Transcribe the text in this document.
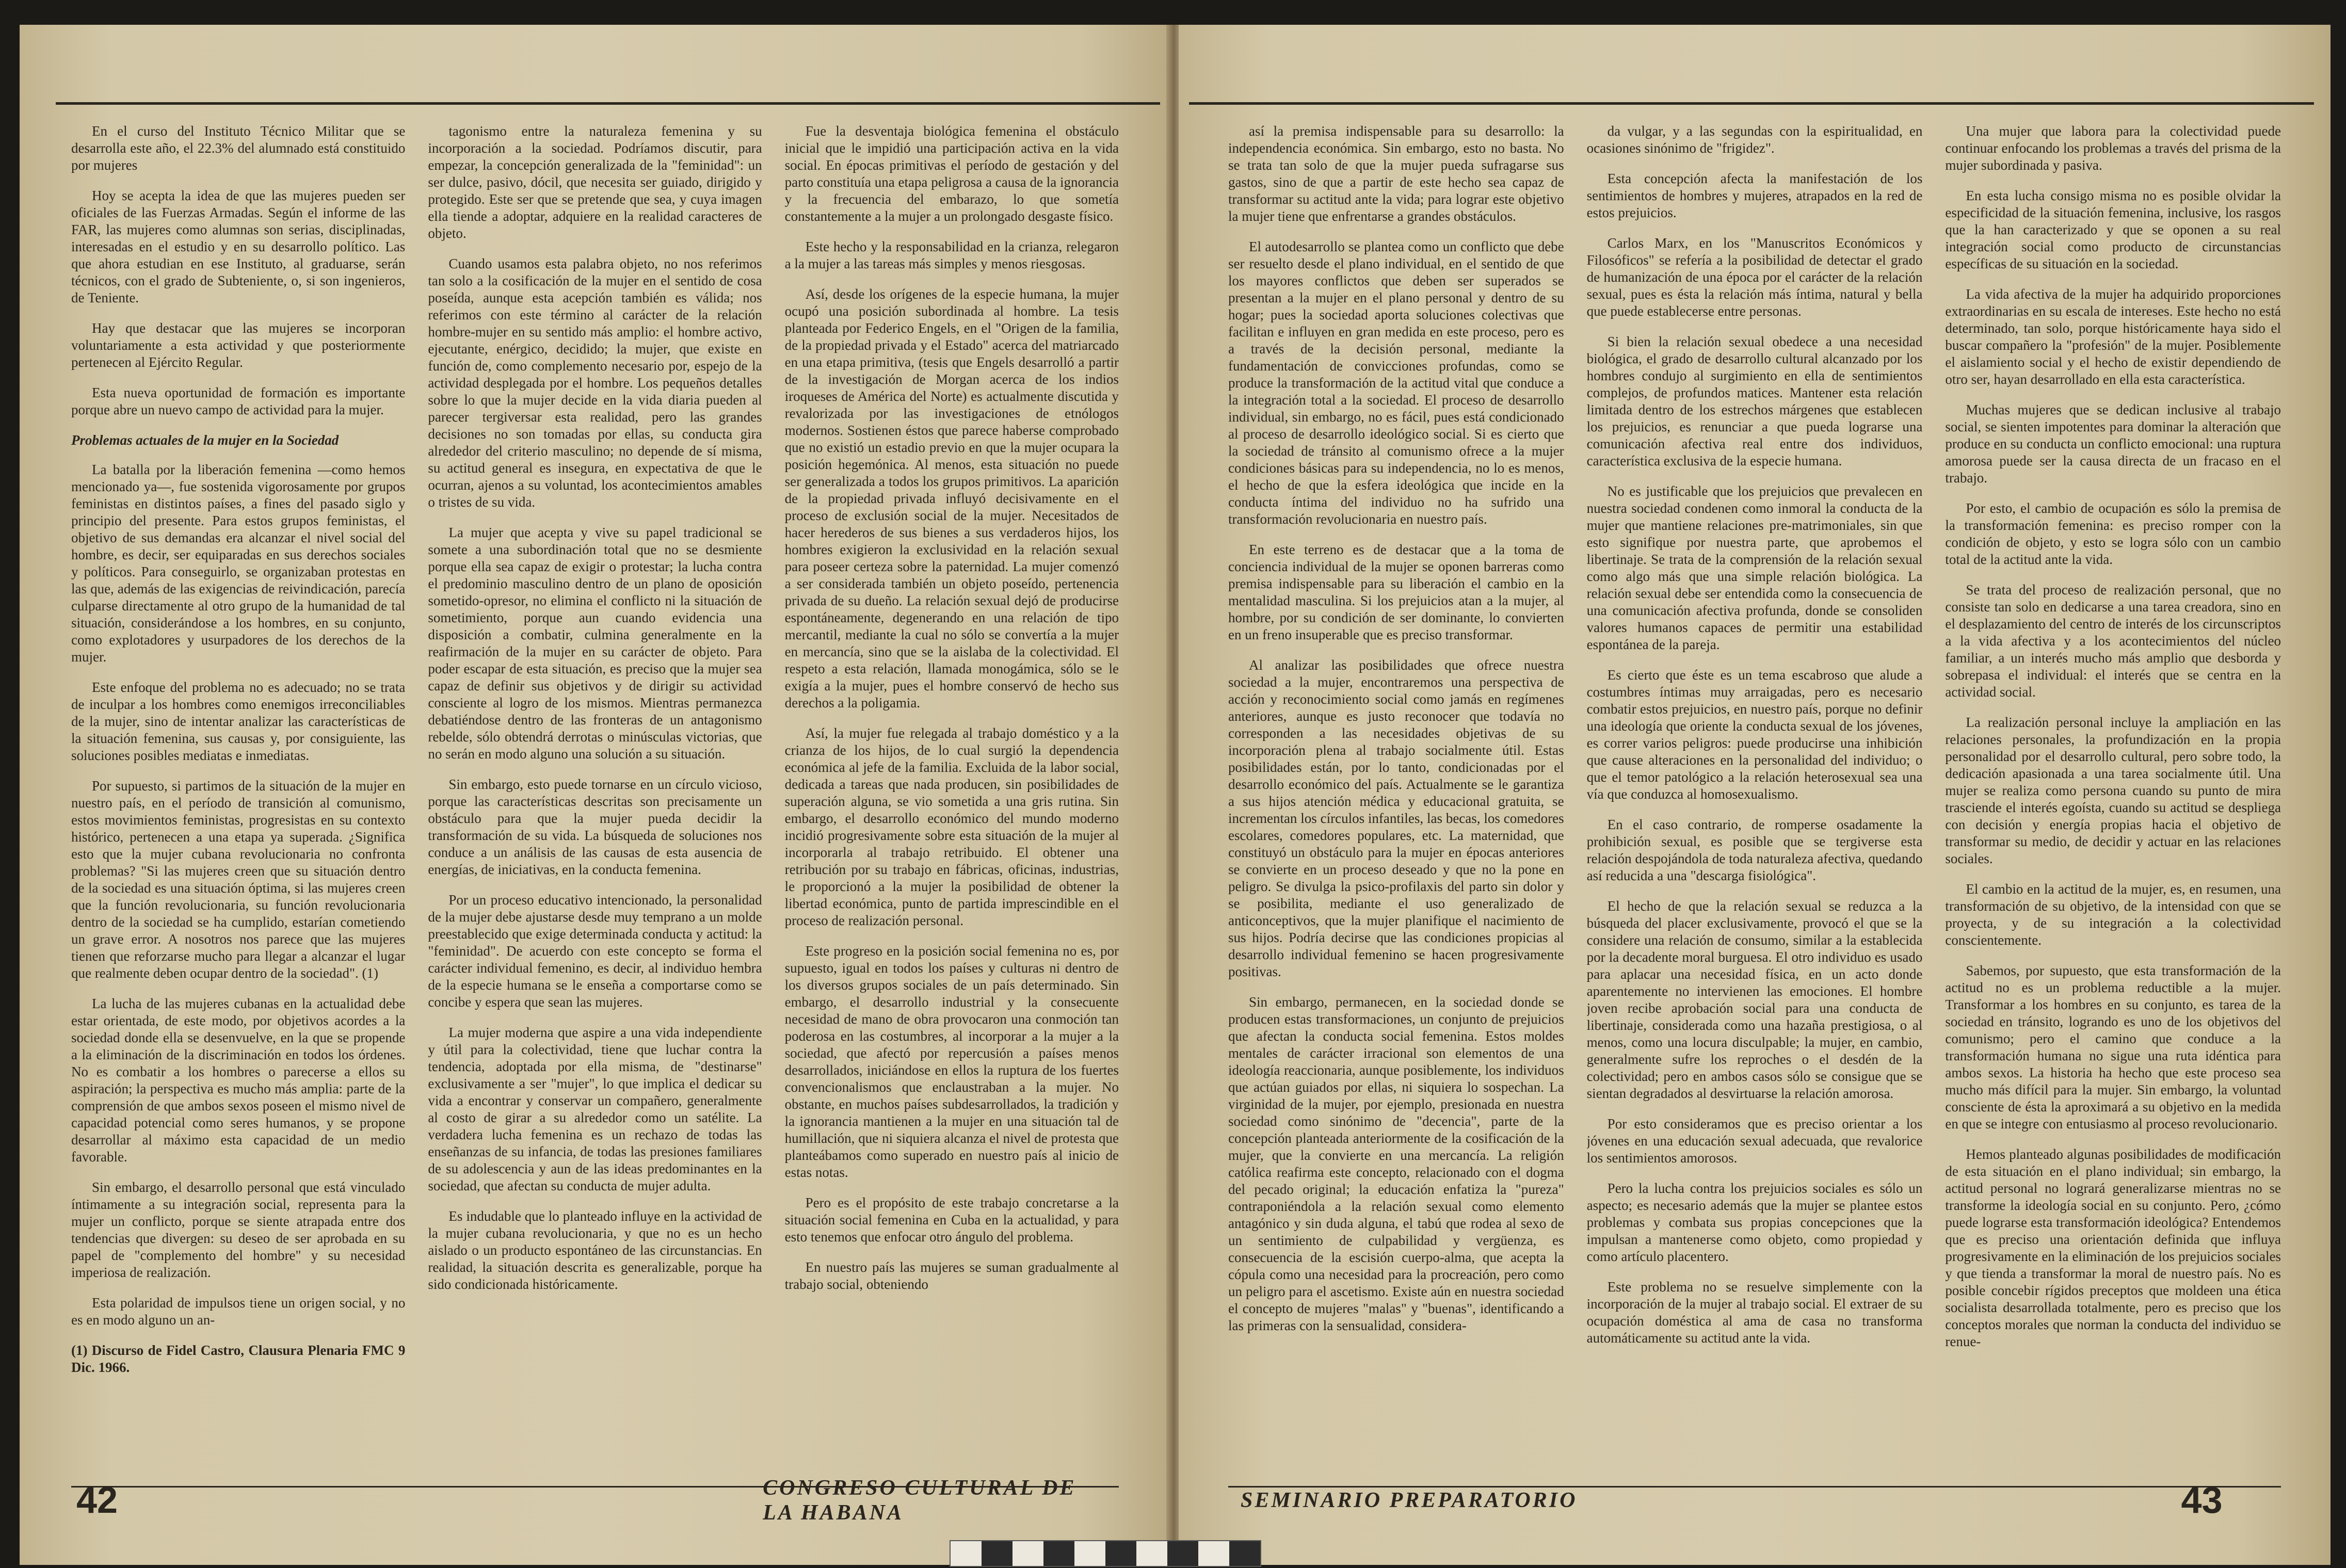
En el curso del Instituto Técnico Militar que se desarrolla este año, el 22.3% del alumnado está constituido por mujeres

Hoy se acepta la idea de que las mujeres pueden ser oficiales de las Fuerzas Armadas. Según el informe de las FAR, las mujeres como alumnas son serias, disciplinadas, interesadas en el estudio y en su desarrollo político. Las que ahora estudian en ese Instituto, al graduarse, serán técnicos, con el grado de Subteniente, o, si son ingenieros, de Teniente.

Hay que destacar que las mujeres se incorporan voluntariamente a esta actividad y que posteriormente pertenecen al Ejército Regular.

Esta nueva oportunidad de formación es importante porque abre un nuevo campo de actividad para la mujer.

Problemas actuales de la mujer en la Sociedad

La batalla por la liberación femenina —como hemos mencionado ya—, fue sostenida vigorosamente por grupos feministas en distintos países, a fines del pasado siglo y principio del presente. Para estos grupos feministas, el objetivo de sus demandas era alcanzar el nivel social del hombre, es decir, ser equiparadas en sus derechos sociales y políticos. Para conseguirlo, se organizaban protestas en las que, además de las exigencias de reivindicación, parecía culparse directamente al otro grupo de la humanidad de tal situación, considerándose a los hombres, en su conjunto, como explotadores y usurpadores de los derechos de la mujer.

Este enfoque del problema no es adecuado; no se trata de inculpar a los hombres como enemigos irreconciliables de la mujer, sino de intentar analizar las características de la situación femenina, sus causas y, por consiguiente, las soluciones posibles mediatas e inmediatas.

Por supuesto, si partimos de la situación de la mujer en nuestro país, en el período de transición al comunismo, estos movimientos feministas, progresistas en su contexto histórico, pertenecen a una etapa ya superada. ¿Significa esto que la mujer cubana revolucionaria no confronta problemas? "Si las mujeres creen que su situación dentro de la sociedad es una situación óptima, si las mujeres creen que la función revolucionaria, su función revolucionaria dentro de la sociedad se ha cumplido, estarían cometiendo un grave error. A nosotros nos parece que las mujeres tienen que reforzarse mucho para llegar a alcanzar el lugar que realmente deben ocupar dentro de la sociedad". (1)

La lucha de las mujeres cubanas en la actualidad debe estar orientada, de este modo, por objetivos acordes a la sociedad donde ella se desenvuelve, en la que se propende a la eliminación de la discriminación en todos los órdenes. No es combatir a los hombres o parecerse a ellos su aspiración; la perspectiva es mucho más amplia: parte de la comprensión de que ambos sexos poseen el mismo nivel de capacidad potencial como seres humanos, y se propone desarrollar al máximo esta capacidad de un medio favorable.

Sin embargo, el desarrollo personal que está vinculado íntimamente a su integración social, representa para la mujer un conflicto, porque se siente atrapada entre dos tendencias que divergen: su deseo de ser aprobada en su papel de "complemento del hombre" y su necesidad imperiosa de realización.

Esta polaridad de impulsos tiene un origen social, y no es en modo alguno un an-

(1) Discurso de Fidel Castro, Clausura Plenaria FMC 9 Dic. 1966.

tagonismo entre la naturaleza femenina y su incorporación a la sociedad. Podríamos discutir, para empezar, la concepción generalizada de la "feminidad": un ser dulce, pasivo, dócil, que necesita ser guiado, dirigido y protegido. Este ser que se pretende que sea, y cuya imagen ella tiende a adoptar, adquiere en la realidad caracteres de objeto.

Cuando usamos esta palabra objeto, no nos referimos tan solo a la cosificación de la mujer en el sentido de cosa poseída, aunque esta acepción también es válida; nos referimos con este término al carácter de la relación hombre-mujer en su sentido más amplio: el hombre activo, ejecutante, enérgico, decidido; la mujer, que existe en función de, como complemento necesario por, espejo de la actividad desplegada por el hombre. Los pequeños detalles sobre lo que la mujer decide en la vida diaria pueden al parecer tergiversar esta realidad, pero las grandes decisiones no son tomadas por ellas, su conducta gira alrededor del criterio masculino; no depende de sí misma, su actitud general es insegura, en expectativa de que le ocurran, ajenos a su voluntad, los acontecimientos amables o tristes de su vida.

La mujer que acepta y vive su papel tradicional se somete a una subordinación total que no se desmiente porque ella sea capaz de exigir o protestar; la lucha contra el predominio masculino dentro de un plano de oposición sometido-opresor, no elimina el conflicto ni la situación de sometimiento, porque aun cuando evidencia una disposición a combatir, culmina generalmente en la reafirmación de la mujer en su carácter de objeto. Para poder escapar de esta situación, es preciso que la mujer sea capaz de definir sus objetivos y de dirigir su actividad consciente al logro de los mismos. Mientras permanezca debatiéndose dentro de las fronteras de un antagonismo rebelde, sólo obtendrá derrotas o minúsculas victorias, que no serán en modo alguno una solución a su situación.

Sin embargo, esto puede tornarse en un círculo vicioso, porque las características descritas son precisamente un obstáculo para que la mujer pueda decidir la transformación de su vida. La búsqueda de soluciones nos conduce a un análisis de las causas de esta ausencia de energías, de iniciativas, en la conducta femenina.

Por un proceso educativo intencionado, la personalidad de la mujer debe ajustarse desde muy temprano a un molde preestablecido que exige determinada conducta y actitud: la "feminidad". De acuerdo con este concepto se forma el carácter individual femenino, es decir, al individuo hembra de la especie humana se le enseña a comportarse como se concibe y espera que sean las mujeres.

La mujer moderna que aspire a una vida independiente y útil para la colectividad, tiene que luchar contra la tendencia, adoptada por ella misma, de "destinarse" exclusivamente a ser "mujer", lo que implica el dedicar su vida a encontrar y conservar un compañero, generalmente al costo de girar a su alrededor como un satélite. La verdadera lucha femenina es un rechazo de todas las enseñanzas de su infancia, de todas las presiones familiares de su adolescencia y aun de las ideas predominantes en la sociedad, que afectan su conducta de mujer adulta.

Es indudable que lo planteado influye en la actividad de la mujer cubana revolucionaria, y que no es un hecho aislado o un producto espontáneo de las circunstancias. En realidad, la situación descrita es generalizable, porque ha sido condicionada históricamente.

Fue la desventaja biológica femenina el obstáculo inicial que le impidió una participación activa en la vida social. En épocas primitivas el período de gestación y del parto constituía una etapa peligrosa a causa de la ignorancia y la frecuencia del embarazo, lo que sometía constantemente a la mujer a un prolongado desgaste físico.

Este hecho y la responsabilidad en la crianza, relegaron a la mujer a las tareas más simples y menos riesgosas.

Así, desde los orígenes de la especie humana, la mujer ocupó una posición subordinada al hombre. La tesis planteada por Federico Engels, en el "Origen de la familia, de la propiedad privada y el Estado" acerca del matriarcado en una etapa primitiva, (tesis que Engels desarrolló a partir de la investigación de Morgan acerca de los indios iroqueses de América del Norte) es actualmente discutida y revalorizada por las investigaciones de etnólogos modernos. Sostienen éstos que parece haberse comprobado que no existió un estadio previo en que la mujer ocupara la posición hegemónica. Al menos, esta situación no puede ser generalizada a todos los grupos primitivos. La aparición de la propiedad privada influyó decisivamente en el proceso de exclusión social de la mujer. Necesitados de hacer herederos de sus bienes a sus verdaderos hijos, los hombres exigieron la exclusividad en la relación sexual para poseer certeza sobre la paternidad. La mujer comenzó a ser considerada también un objeto poseído, pertenencia privada de su dueño. La relación sexual dejó de producirse espontáneamente, degenerando en una relación de tipo mercantil, mediante la cual no sólo se convertía a la mujer en mercancía, sino que se la aislaba de la colectividad. El respeto a esta relación, llamada monogámica, sólo se le exigía a la mujer, pues el hombre conservó de hecho sus derechos a la poligamia.

Así, la mujer fue relegada al trabajo doméstico y a la crianza de los hijos, de lo cual surgió la dependencia económica al jefe de la familia. Excluida de la labor social, dedicada a tareas que nada producen, sin posibilidades de superación alguna, se vio sometida a una gris rutina. Sin embargo, el desarrollo económico del mundo moderno incidió progresivamente sobre esta situación de la mujer al incorporarla al trabajo retribuido. El obtener una retribución por su trabajo en fábricas, oficinas, industrias, le proporcionó a la mujer la posibilidad de obtener la libertad económica, punto de partida imprescindible en el proceso de realización personal.

Este progreso en la posición social femenina no es, por supuesto, igual en todos los países y culturas ni dentro de los diversos grupos sociales de un país determinado. Sin embargo, el desarrollo industrial y la consecuente necesidad de mano de obra provocaron una conmoción tan poderosa en las costumbres, al incorporar a la mujer a la sociedad, que afectó por repercusión a países menos desarrollados, iniciándose en ellos la ruptura de los fuertes convencionalismos que enclaustraban a la mujer. No obstante, en muchos países subdesarrollados, la tradición y la ignorancia mantienen a la mujer en una situación tal de humillación, que ni siquiera alcanza el nivel de protesta que planteábamos como superado en nuestro país al inicio de estas notas.

Pero es el propósito de este trabajo concretarse a la situación social femenina en Cuba en la actualidad, y para esto tenemos que enfocar otro ángulo del problema.

En nuestro país las mujeres se suman gradualmente al trabajo social, obteniendo

42	CONGRESO CULTURAL DE LA HABANA

así la premisa indispensable para su desarrollo: la independencia económica. Sin embargo, esto no basta. No se trata tan solo de que la mujer pueda sufragarse sus gastos, sino de que a partir de este hecho sea capaz de transformar su actitud ante la vida; para lograr este objetivo la mujer tiene que enfrentarse a grandes obstáculos.

El autodesarrollo se plantea como un conflicto que debe ser resuelto desde el plano individual, en el sentido de que los mayores conflictos que deben ser superados se presentan a la mujer en el plano personal y dentro de su hogar; pues la sociedad aporta soluciones colectivas que facilitan e influyen en gran medida en este proceso, pero es a través de la decisión personal, mediante la fundamentación de convicciones profundas, como se produce la transformación de la actitud vital que conduce a la integración total a la sociedad. El proceso de desarrollo individual, sin embargo, no es fácil, pues está condicionado al proceso de desarrollo ideológico social. Si es cierto que la sociedad de tránsito al comunismo ofrece a la mujer condiciones básicas para su independencia, no lo es menos, el hecho de que la esfera ideológica que incide en la conducta íntima del individuo no ha sufrido una transformación revolucionaria en nuestro país.

En este terreno es de destacar que a la toma de conciencia individual de la mujer se oponen barreras como premisa indispensable para su liberación el cambio en la mentalidad masculina. Si los prejuicios atan a la mujer, al hombre, por su condición de ser dominante, lo convierten en un freno insuperable que es preciso transformar.

Al analizar las posibilidades que ofrece nuestra sociedad a la mujer, encontraremos una perspectiva de acción y reconocimiento social como jamás en regímenes anteriores, aunque es justo reconocer que todavía no corresponden a las necesidades objetivas de su incorporación plena al trabajo socialmente útil. Estas posibilidades están, por lo tanto, condicionadas por el desarrollo económico del país. Actualmente se le garantiza a sus hijos atención médica y educacional gratuita, se incrementan los círculos infantiles, las becas, los comedores escolares, comedores populares, etc. La maternidad, que constituyó un obstáculo para la mujer en épocas anteriores se convierte en un proceso deseado y que no la pone en peligro. Se divulga la psico-profilaxis del parto sin dolor y se posibilita, mediante el uso generalizado de anticonceptivos, que la mujer planifique el nacimiento de sus hijos. Podría decirse que las condiciones propicias al desarrollo individual femenino se hacen progresivamente positivas.

Sin embargo, permanecen, en la sociedad donde se producen estas transformaciones, un conjunto de prejuicios que afectan la conducta social femenina. Estos moldes mentales de carácter irracional son elementos de una ideología reaccionaria, aunque posiblemente, los individuos que actúan guiados por ellas, ni siquiera lo sospechan. La virginidad de la mujer, por ejemplo, presionada en nuestra sociedad como sinónimo de "decencia", parte de la concepción planteada anteriormente de la cosificación de la mujer, que la convierte en una mercancía. La religión católica reafirma este concepto, relacionado con el dogma del pecado original; la educación enfatiza la "pureza" contraponiéndola a la relación sexual como elemento antagónico y sin duda alguna, el tabú que rodea al sexo de un sentimiento de culpabilidad y vergüenza, es consecuencia de la escisión cuerpo-alma, que acepta la cópula como una necesidad para la procreación, pero como un peligro para el ascetismo. Existe aún en nuestra sociedad el concepto de mujeres "malas" y "buenas", identificando a las primeras con la sensualidad, considera-

da vulgar, y a las segundas con la espiritualidad, en ocasiones sinónimo de "frigidez".

Esta concepción afecta la manifestación de los sentimientos de hombres y mujeres, atrapados en la red de estos prejuicios.

Carlos Marx, en los "Manuscritos Económicos y Filosóficos" se refería a la posibilidad de detectar el grado de humanización de una época por el carácter de la relación sexual, pues es ésta la relación más íntima, natural y bella que puede establecerse entre personas.

Si bien la relación sexual obedece a una necesidad biológica, el grado de desarrollo cultural alcanzado por los hombres condujo al surgimiento en ella de sentimientos complejos, de profundos matices. Mantener esta relación limitada dentro de los estrechos márgenes que establecen los prejuicios, es renunciar a que pueda lograrse una comunicación afectiva real entre dos individuos, característica exclusiva de la especie humana.

No es justificable que los prejuicios que prevalecen en nuestra sociedad condenen como inmoral la conducta de la mujer que mantiene relaciones pre-matrimoniales, sin que esto signifique por nuestra parte, que aprobemos el libertinaje. Se trata de la comprensión de la relación sexual como algo más que una simple relación biológica. La relación sexual debe ser entendida como la consecuencia de una comunicación afectiva profunda, donde se consoliden valores humanos capaces de permitir una estabilidad espontánea de la pareja.

Es cierto que éste es un tema escabroso que alude a costumbres íntimas muy arraigadas, pero es necesario combatir estos prejuicios, en nuestro país, porque no definir una ideología que oriente la conducta sexual de los jóvenes, es correr varios peligros: puede producirse una inhibición que cause alteraciones en la personalidad del individuo; o que el temor patológico a la relación heterosexual sea una vía que conduzca al homosexualismo.

En el caso contrario, de romperse osadamente la prohibición sexual, es posible que se tergiverse esta relación despojándola de toda naturaleza afectiva, quedando así reducida a una "descarga fisiológica".

El hecho de que la relación sexual se reduzca a la búsqueda del placer exclusivamente, provocó el que se la considere una relación de consumo, similar a la establecida por la decadente moral burguesa. El otro individuo es usado para aplacar una necesidad física, en un acto donde aparentemente no intervienen las emociones. El hombre joven recibe aprobación social para una conducta de libertinaje, considerada como una hazaña prestigiosa, o al menos, como una locura disculpable; la mujer, en cambio, generalmente sufre los reproches o el desdén de la colectividad; pero en ambos casos sólo se consigue que se sientan degradados al desvirtuarse la relación amorosa.

Por esto consideramos que es preciso orientar a los jóvenes en una educación sexual adecuada, que revalorice los sentimientos amorosos.

Pero la lucha contra los prejuicios sociales es sólo un aspecto; es necesario además que la mujer se plantee estos problemas y combata sus propias concepciones que la impulsan a mantenerse como objeto, como propiedad y como artículo placentero.

Este problema no se resuelve simplemente con la incorporación de la mujer al trabajo social. El extraer de su ocupación doméstica al ama de casa no transforma automáticamente su actitud ante la vida.

Una mujer que labora para la colectividad puede continuar enfocando los problemas a través del prisma de la mujer subordinada y pasiva.

En esta lucha consigo misma no es posible olvidar la especificidad de la situación femenina, inclusive, los rasgos que la han caracterizado y que se oponen a su real integración social como producto de circunstancias específicas de su situación en la sociedad.

La vida afectiva de la mujer ha adquirido proporciones extraordinarias en su escala de intereses. Este hecho no está determinado, tan solo, porque históricamente haya sido el buscar compañero la "profesión" de la mujer. Posiblemente el aislamiento social y el hecho de existir dependiendo de otro ser, hayan desarrollado en ella esta característica.

Muchas mujeres que se dedican inclusive al trabajo social, se sienten impotentes para dominar la alteración que produce en su conducta un conflicto emocional: una ruptura amorosa puede ser la causa directa de un fracaso en el trabajo.

Por esto, el cambio de ocupación es sólo la premisa de la transformación femenina: es preciso romper con la condición de objeto, y esto se logra sólo con un cambio total de la actitud ante la vida.

Se trata del proceso de realización personal, que no consiste tan solo en dedicarse a una tarea creadora, sino en el desplazamiento del centro de interés de los circunscriptos a la vida afectiva y a los acontecimientos del núcleo familiar, a un interés mucho más amplio que desborda y sobrepasa el individual: el interés que se centra en la actividad social.

La realización personal incluye la ampliación en las relaciones personales, la profundización en la propia personalidad por el desarrollo cultural, pero sobre todo, la dedicación apasionada a una tarea socialmente útil. Una mujer se realiza como persona cuando su punto de mira trasciende el interés egoísta, cuando su actitud se despliega con decisión y energía propias hacia el objetivo de transformar su medio, de decidir y actuar en las relaciones sociales.

El cambio en la actitud de la mujer, es, en resumen, una transformación de su objetivo, de la intensidad con que se proyecta, y de su integración a la colectividad conscientemente.

Sabemos, por supuesto, que esta transformación de la actitud no es un problema reductible a la mujer. Transformar a los hombres en su conjunto, es tarea de la sociedad en tránsito, logrando es uno de los objetivos del comunismo; pero el camino que conduce a la transformación humana no sigue una ruta idéntica para ambos sexos. La historia ha hecho que este proceso sea mucho más difícil para la mujer. Sin embargo, la voluntad consciente de ésta la aproximará a su objetivo en la medida en que se integre con entusiasmo al proceso revolucionario.

Hemos planteado algunas posibilidades de modificación de esta situación en el plano individual; sin embargo, la actitud personal no logrará generalizarse mientras no se transforme la ideología social en su conjunto. Pero, ¿cómo puede lograrse esta transformación ideológica? Entendemos que es preciso una orientación definida que influya progresivamente en la eliminación de los prejuicios sociales y que tienda a transformar la moral de nuestro país. No es posible concebir rígidos preceptos que moldeen una ética socialista desarrollada totalmente, pero es preciso que los conceptos morales que norman la conducta del individuo se renue-

SEMINARIO PREPARATORIO	43
